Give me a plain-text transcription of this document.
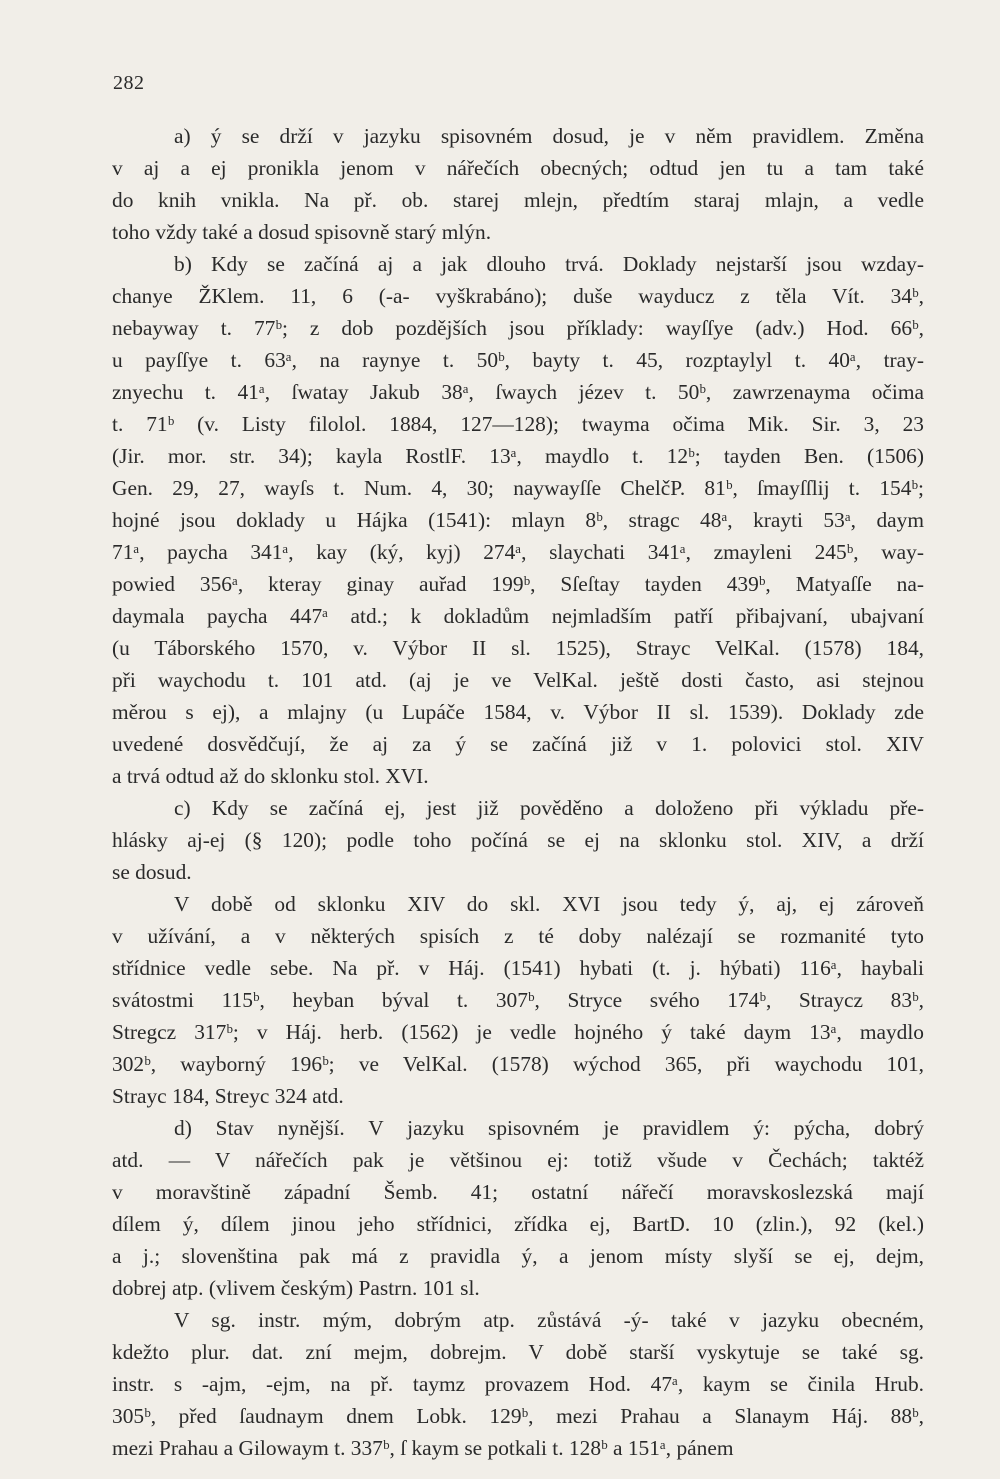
282
a) ý se drží v jazyku spisovném dosud, je v něm pravidlem. Změna
v aj a ej pronikla jenom v nářečích obecných; odtud jen tu a tam také
do knih vnikla. Na př. ob. starej mlejn, předtím staraj mlajn, a vedle
toho vždy také a dosud spisovně starý mlýn.
b) Kdy se začíná aj a jak dlouho trvá. Doklady nejstarší jsou wzday-
chanye ŽKlem. 11, 6 (-a- vyškrabáno); duše wayducz z těla Vít. 34ᵇ,
nebayway t. 77ᵇ; z dob pozdějších jsou příklady: wayſſye (adv.) Hod. 66ᵇ,
u payſſye t. 63ᵃ, na raynye t. 50ᵇ, bayty t. 45, rozptaylyl t. 40ᵃ, tray-
znyechu t. 41ᵃ, ſwatay Jakub 38ᵃ, ſwaych jézev t. 50ᵇ, zawrzenayma očima
t. 71ᵇ (v. Listy filolol. 1884, 127—128); twayma očima Mik. Sir. 3, 23
(Jir. mor. str. 34); kayla RostlF. 13ᵃ, maydlo t. 12ᵇ; tayden Ben. (1506)
Gen. 29, 27, wayſs t. Num. 4, 30; naywayſſe ChelčP. 81ᵇ, ſmayſſlij t. 154ᵇ;
hojné jsou doklady u Hájka (1541): mlayn 8ᵇ, stragc 48ᵃ, krayti 53ᵃ, daym
71ᵃ, paycha 341ᵃ, kay (ký, kyj) 274ᵃ, slaychati 341ᵃ, zmayleni 245ᵇ, way-
powied 356ᵃ, kteray ginay auřad 199ᵇ, Sſeſtay tayden 439ᵇ, Matyaſſe na-
daymala paycha 447ᵃ atd.; k dokladům nejmladším patří přibajvaní, ubajvaní
(u Táborského 1570, v. Výbor II sl. 1525), Strayc VelKal. (1578) 184,
při waychodu t. 101 atd. (aj je ve VelKal. ještě dosti často, asi stejnou
měrou s ej), a mlajny (u Lupáče 1584, v. Výbor II sl. 1539). Doklady zde
uvedené dosvědčují, že aj za ý se začíná již v 1. polovici stol. XIV
a trvá odtud až do sklonku stol. XVI.
c) Kdy se začíná ej, jest již pověděno a doloženo při výkladu pře-
hlásky aj-ej (§ 120); podle toho počíná se ej na sklonku stol. XIV, a drží
se dosud.
V době od sklonku XIV do skl. XVI jsou tedy ý, aj, ej zároveň
v užívání, a v některých spisích z té doby nalézají se rozmanité tyto
střídnice vedle sebe. Na př. v Háj. (1541) hybati (t. j. hýbati) 116ᵃ, haybali
svátostmi 115ᵇ, heyban býval t. 307ᵇ, Stryce svého 174ᵇ, Straycz 83ᵇ,
Stregcz 317ᵇ; v Háj. herb. (1562) je vedle hojného ý také daym 13ᵃ, maydlo
302ᵇ, wayborný 196ᵇ; ve VelKal. (1578) wýchod 365, při waychodu 101,
Strayc 184, Streyc 324 atd.
d) Stav nynější. V jazyku spisovném je pravidlem ý: pýcha, dobrý
atd. — V nářečích pak je většinou ej: totiž všude v Čechách; taktéž
v moravštině západní Šemb. 41; ostatní nářečí moravskoslezská mají
dílem ý, dílem jinou jeho střídnici, zřídka ej, BartD. 10 (zlin.), 92 (kel.)
a j.; slovenština pak má z pravidla ý, a jenom místy slyší se ej, dejm,
dobrej atp. (vlivem českým) Pastrn. 101 sl.
V sg. instr. mým, dobrým atp. zůstává -ý- také v jazyku obecném,
kdežto plur. dat. zní mejm, dobrejm. V době starší vyskytuje se také sg.
instr. s -ajm, -ejm, na př. taymz provazem Hod. 47ᵃ, kaym se činila Hrub.
305ᵇ, před ſaudnaym dnem Lobk. 129ᵇ, mezi Prahau a Slanaym Háj. 88ᵇ,
mezi Prahau a Gilowaym t. 337ᵇ, ſ kaym se potkali t. 128ᵇ a 151ᵃ, pánem
